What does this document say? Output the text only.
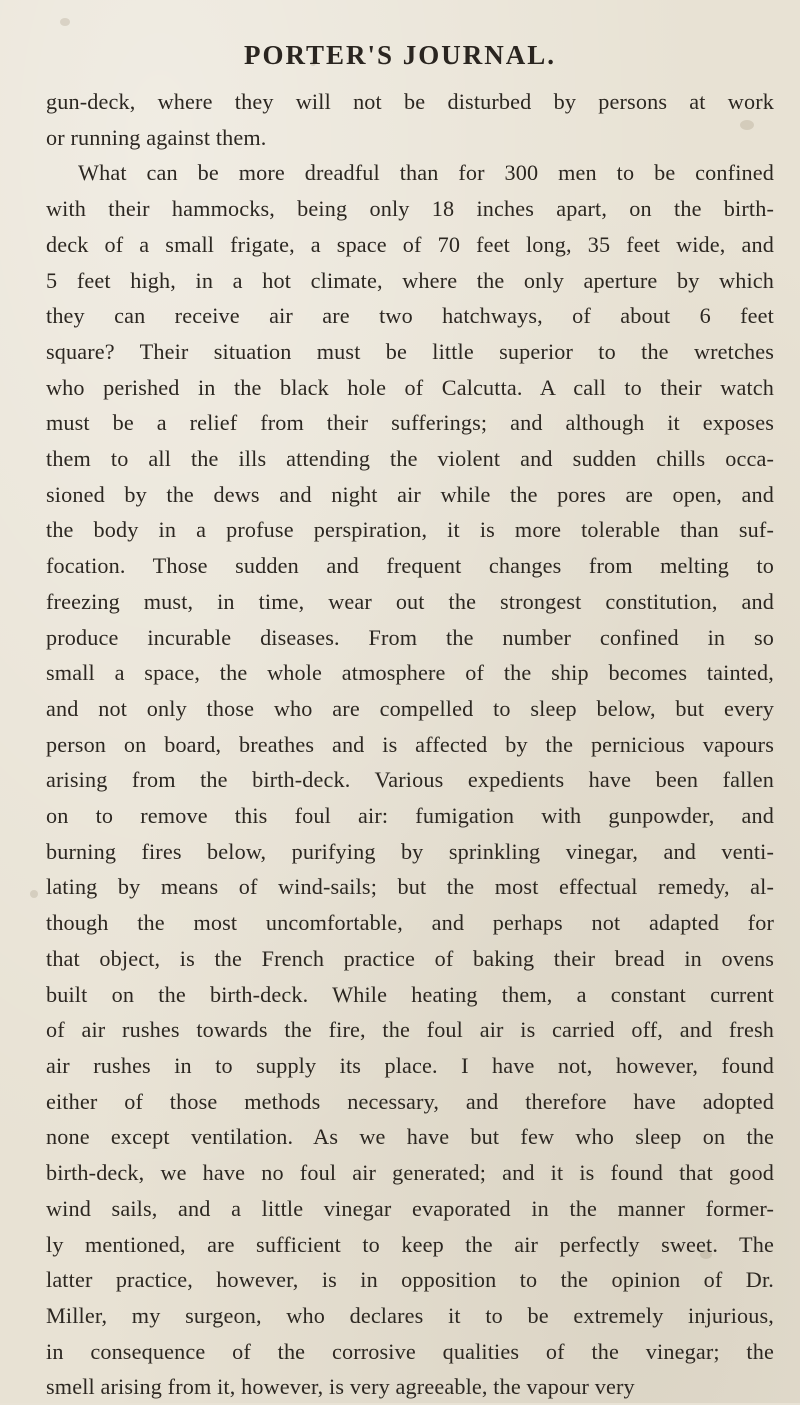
PORTER'S JOURNAL.
gun-deck, where they will not be disturbed by persons at work
or running against them.
What can be more dreadful than for 300 men to be confined
with their hammocks, being only 18 inches apart, on the birth-
deck of a small frigate, a space of 70 feet long, 35 feet wide, and
5 feet high, in a hot climate, where the only aperture by which
they can receive air are two hatchways, of about 6 feet
square? Their situation must be little superior to the wretches
who perished in the black hole of Calcutta. A call to their watch
must be a relief from their sufferings; and although it exposes
them to all the ills attending the violent and sudden chills occa-
sioned by the dews and night air while the pores are open, and
the body in a profuse perspiration, it is more tolerable than suf-
focation. Those sudden and frequent changes from melting to
freezing must, in time, wear out the strongest constitution, and
produce incurable diseases. From the number confined in so
small a space, the whole atmosphere of the ship becomes tainted,
and not only those who are compelled to sleep below, but every
person on board, breathes and is affected by the pernicious vapours
arising from the birth-deck. Various expedients have been fallen
on to remove this foul air: fumigation with gunpowder, and
burning fires below, purifying by sprinkling vinegar, and venti-
lating by means of wind-sails; but the most effectual remedy, al-
though the most uncomfortable, and perhaps not adapted for
that object, is the French practice of baking their bread in ovens
built on the birth-deck. While heating them, a constant current
of air rushes towards the fire, the foul air is carried off, and fresh
air rushes in to supply its place. I have not, however, found
either of those methods necessary, and therefore have adopted
none except ventilation. As we have but few who sleep on the
birth-deck, we have no foul air generated; and it is found that good
wind sails, and a little vinegar evaporated in the manner former-
ly mentioned, are sufficient to keep the air perfectly sweet. The
latter practice, however, is in opposition to the opinion of Dr.
Miller, my surgeon, who declares it to be extremely injurious,
in consequence of the corrosive qualities of the vinegar; the
smell arising from it, however, is very agreeable, the vapour very
